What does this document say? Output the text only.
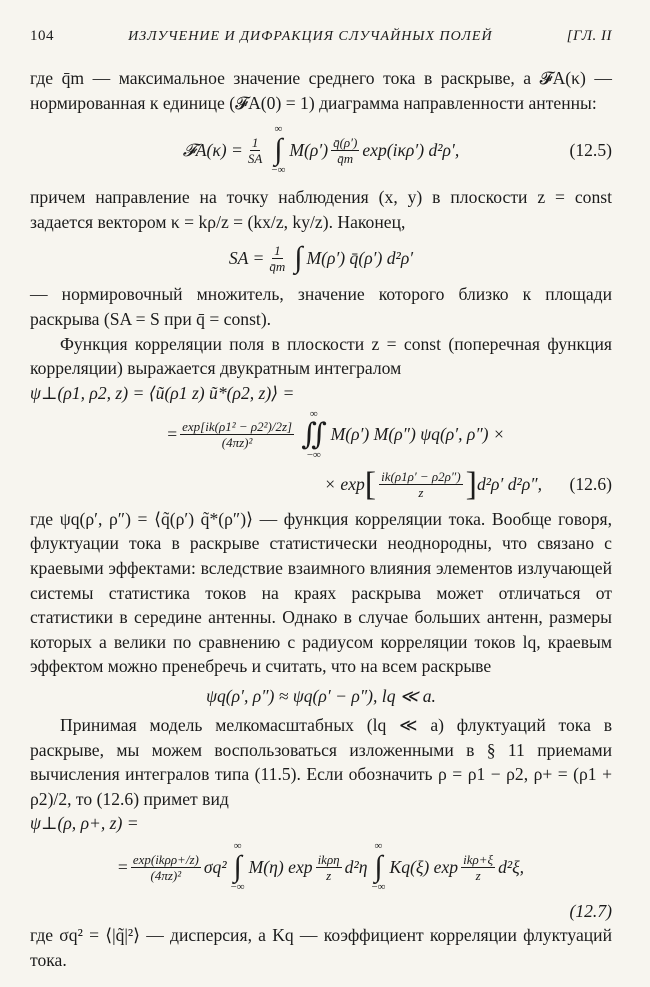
104	ИЗЛУЧЕНИЕ И ДИФРАКЦИЯ СЛУЧАЙНЫХ ПОЛЕЙ	[ГЛ. II

где q̄m — максимальное значение среднего тока в раскрыве, а 𝓕A(κ) — нормированная к единице (𝓕A(0) = 1) диаграмма направленности антенны:

𝓕A(κ) = $\frac{1}{SA}$
∞
∫
−∞
$M(\rho') \frac{q̄(\rho')}{q̄m} \exp(i\kappa\rho')$ d²ρ′,	(12.5)

причем направление на точку наблюдения (x, y) в плоскости z = const задается вектором κ = kρ/z = (kx/z, ky/z). Наконец,

SA = $\frac{1}{q̄m}$ ∫ M(ρ′) q̄(ρ′) d²ρ′

— нормировочный множитель, значение которого близко к площади раскрыва (SA = S при q̄ = const).

Функция корреляции поля в плоскости z = const (поперечная функция корреляции) выражается двукратным интегралом

ψ⊥(ρ1, ρ2, z) = ⟨ũ(ρ1 z) ũ*(ρ2, z)⟩ =
= $\frac{\text{exp[ik(ρ1² − ρ2²)/2z]}}{\text{(4πz)²}}$
∞
∬
−∞
M(ρ′) M(ρ″) ψq(ρ′, ρ″) ×
× exp [ $\frac{ik(\rho 1\rho' - \rho 2\rho'')}{z}$ ] d²ρ′ d²ρ″, (12.6)

где ψq(ρ′, ρ″) = ⟨q̃(ρ′) q̃*(ρ″)⟩ — функция корреляции тока. Вообще говоря, флуктуации тока в раскрыве статистически неоднородны, что связано с краевыми эффектами: вследствие взаимного влияния элементов излучающей системы статистика токов на краях раскрыва может отличаться от статистики в середине антенны. Однако в случае больших антенн, размеры которых a велики по сравнению с радиусом корреляции токов lq, краевым эффектом можно пренебречь и считать, что на всем раскрыве

ψq(ρ′, ρ″) ≈ ψq(ρ′ − ρ″), lq ≪ a.

Принимая модель мелкомасштабных (lq ≪ a) флуктуаций тока в раскрыве, мы можем воспользоваться изложенными в § 11 приемами вычисления интегралов типа (11.5). Если обозначить ρ = ρ1 − ρ2, ρ+ = (ρ1 + ρ2)/2, то (12.6) примет вид

ψ⊥(ρ, ρ+, z) =
= $\frac{\text{exp(ikρρ+/z)}}{\text{(4πz)²}} \sigma q^2$
∞
∫
−∞
M(η) $\exp \frac{\text{ikρη}}{z} d^2\eta$
∞
∫
−∞
Kq(ξ) $\exp \frac{\text{ikρ+ξ}}{z} d^2\xi$,
(12.7)

где σq² = ⟨|q̃|²⟩ — дисперсия, а Kq — коэффициент корреляции флуктуаций тока.
